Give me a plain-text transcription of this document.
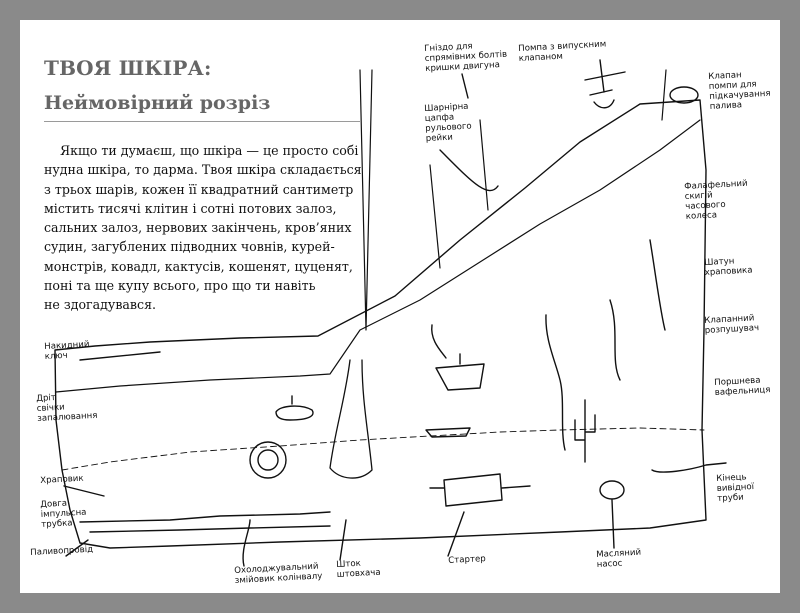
ТВОЯ ШКІРА:
Неймовірний розріз
Якщо ти думаєш, що шкіра — це просто собі
нудна шкіра, то дарма. Твоя шкіра складається
з трьох шарів, кожен її квадратний сантиметр
містить тисячі клітин і сотні потових залоз,
сальних залоз, нервових закінчень, кров’яних
судин, загублених підводних човнів, курей-
монстрів, ковадл, кактусів, кошенят, цуценят,
поні та ще купу всього, про що ти навіть
не здогадувався.
Гніздо для
спрямівних болтів
кришки двигуна
Помпа з випускним
клапаном
Клапан
помпи для
підкачування
палива
Шарнірна
цапфа
рульового
рейки
Фалафельний
скигій
часового
колеса
Шатун
храповика
Клапанний
розпушувач
Поршнева
вафельниця
Кінець
вивідної
труби
Накидний
ключ
Дріт
свічки
запалювання
Храповик
Довга
імпульсна
трубка
Паливопровід
Охолоджувальний
змійовик колінвалу
Шток
штовхача
Стартер
Масляний
насос
